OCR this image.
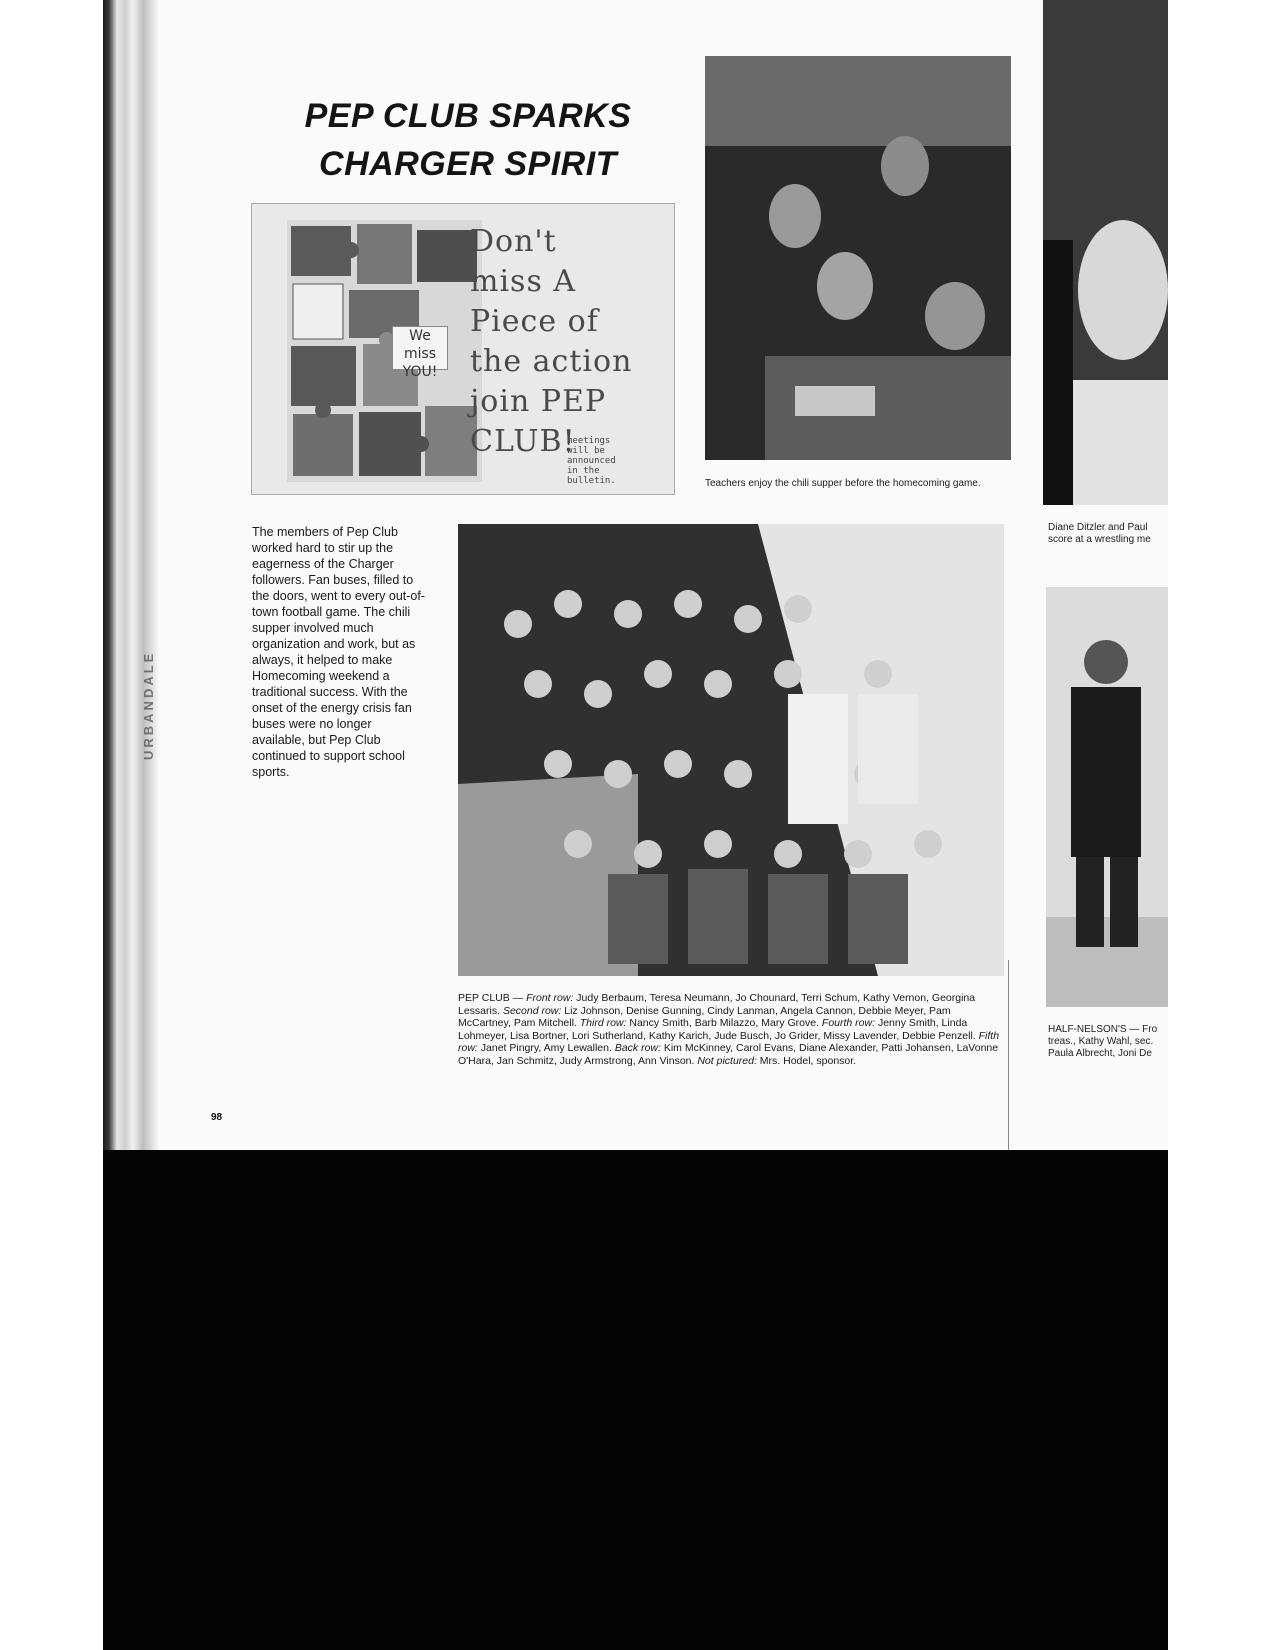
URBANDALE
PEP CLUB SPARKS
CHARGER SPIRIT
We miss
YOU!
Don't
miss A
Piece of
the action
join PEP
CLUB!
meetings
will be
announced
in the
bulletin.	Teachers enjoy the chili supper before the homecoming game.
Diane Ditzler and Paul
score at a wrestling me
The members of Pep Club worked hard to stir up the eagerness of the Charger followers. Fan buses, filled to the doors, went to every out-of-town football game. The chili supper involved much organization and work, but as always, it helped to make Homecoming weekend a traditional success. With the onset of the energy crisis fan buses were no longer available, but Pep Club continued to support school sports.
PEP CLUB — Front row: Judy Berbaum, Teresa Neumann, Jo Chounard, Terri Schum, Kathy Vernon, Georgina Lessaris. Second row: Liz Johnson, Denise Gunning, Cindy Lanman, Angela Cannon, Debbie Meyer, Pam McCartney, Pam Mitchell. Third row: Nancy Smith, Barb Milazzo, Mary Grove. Fourth row: Jenny Smith, Linda Lohmeyer, Lisa Bortner, Lori Sutherland, Kathy Karich, Jude Busch, Jo Grider, Missy Lavender, Debbie Penzell. Fifth row: Janet Pingry, Amy Lewallen. Back row: Kim McKinney, Carol Evans, Diane Alexander, Patti Johansen, LaVonne O'Hara, Jan Schmitz, Judy Armstrong, Ann Vinson. Not pictured: Mrs. Hodel, sponsor.
HALF-NELSON'S — Fro
treas., Kathy Wahl, sec.
Paula Albrecht, Joni De
98
